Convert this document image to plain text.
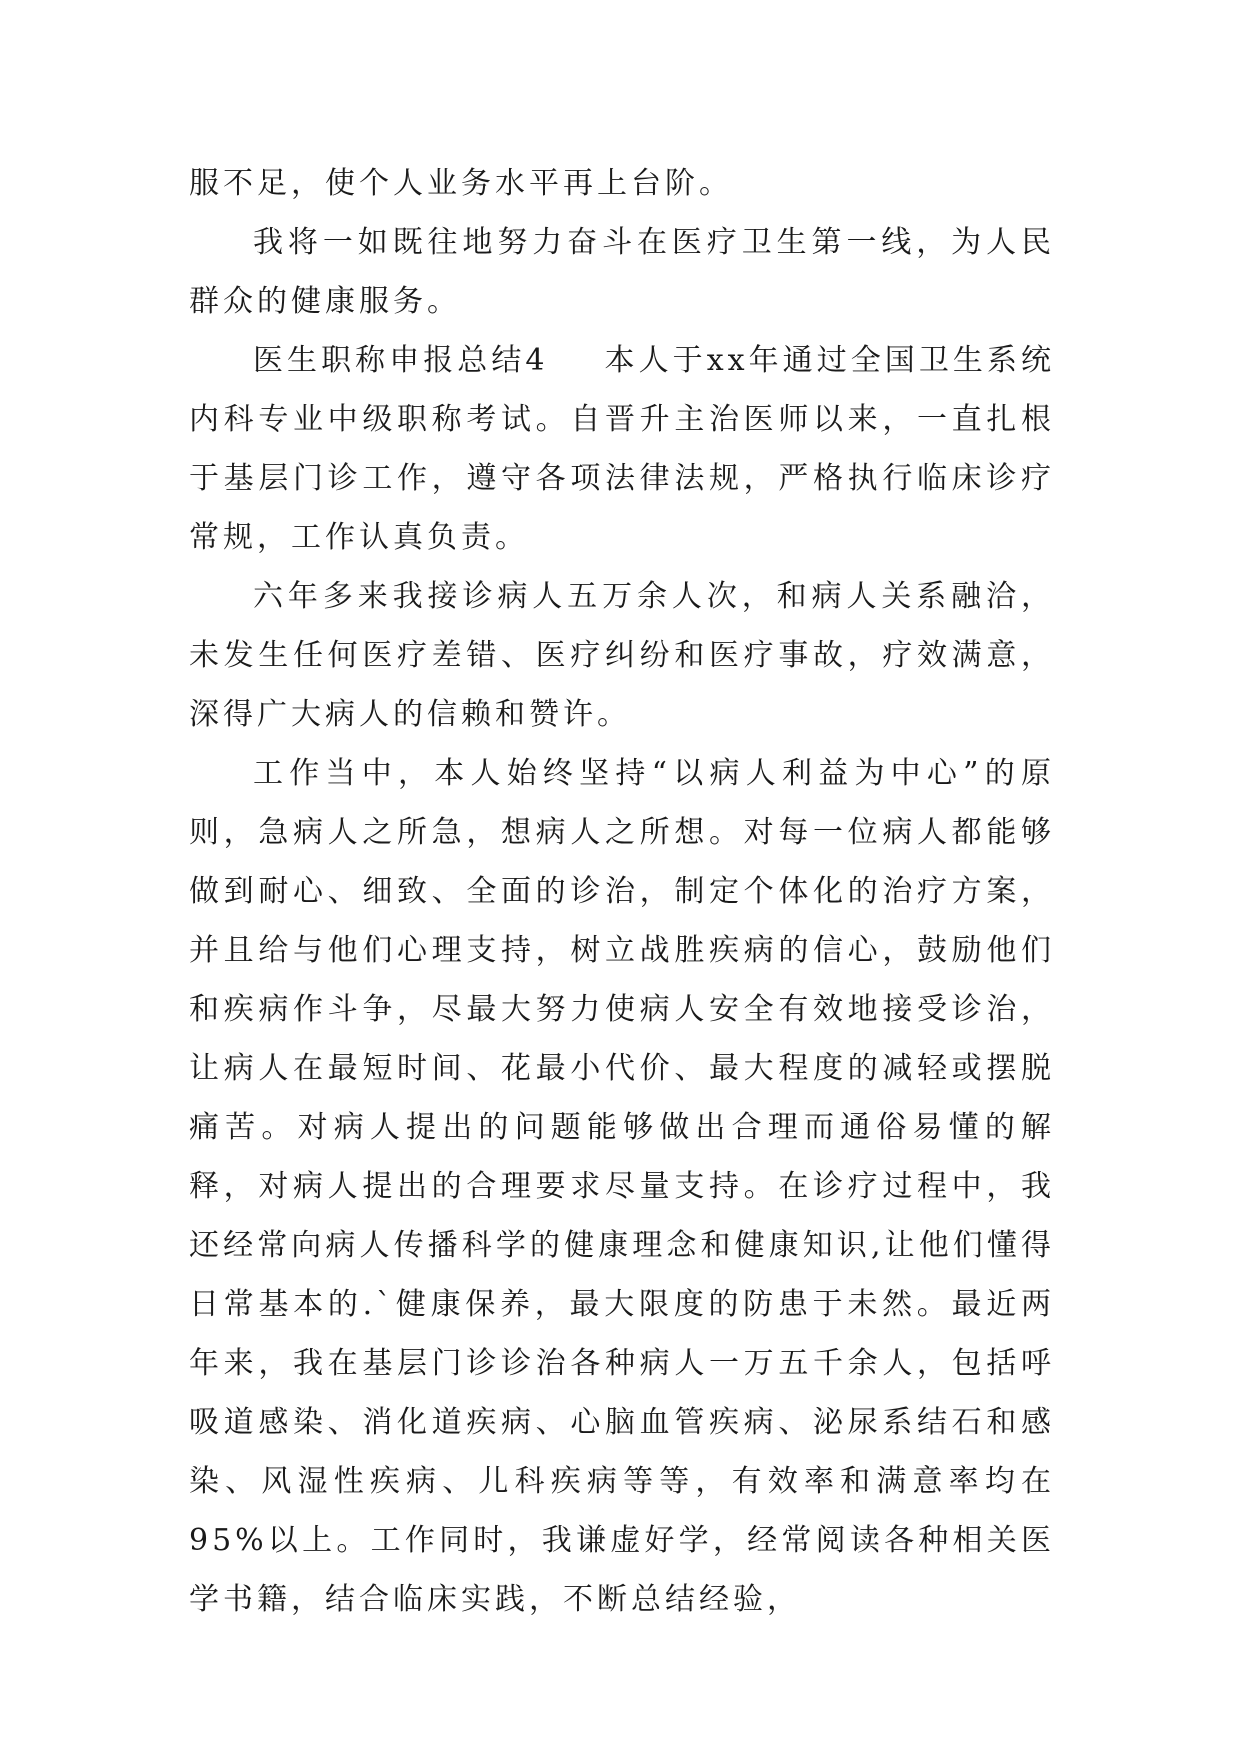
服不足，使个人业务水平再上台阶。

我将一如既往地努力奋斗在医疗卫生第一线，为人民群众的健康服务。

医生职称申报总结4 本人于xx年通过全国卫生系统内科专业中级职称考试。自晋升主治医师以来，一直扎根于基层门诊工作，遵守各项法律法规，严格执行临床诊疗常规，工作认真负责。

六年多来我接诊病人五万余人次，和病人关系融洽，未发生任何医疗差错、医疗纠纷和医疗事故，疗效满意，深得广大病人的信赖和赞许。

工作当中，本人始终坚持“以病人利益为中心”的原则，急病人之所急，想病人之所想。对每一位病人都能够做到耐心、细致、全面的诊治，制定个体化的治疗方案，并且给与他们心理支持，树立战胜疾病的信心，鼓励他们和疾病作斗争，尽最大努力使病人安全有效地接受诊治，让病人在最短时间、花最小代价、最大程度的减轻或摆脱痛苦。对病人提出的问题能够做出合理而通俗易懂的解释，对病人提出的合理要求尽量支持。在诊疗过程中，我还经常向病人传播科学的健康理念和健康知识,让他们懂得日常基本的.`健康保养，最大限度的防患于未然。最近两年来，我在基层门诊诊治各种病人一万五千余人，包括呼吸道感染、消化道疾病、心脑血管疾病、泌尿系结石和感染、风湿性疾病、儿科疾病等等，有效率和满意率均在95%以上。工作同时，我谦虚好学，经常阅读各种相关医学书籍，结合临床实践，不断总结经验，
